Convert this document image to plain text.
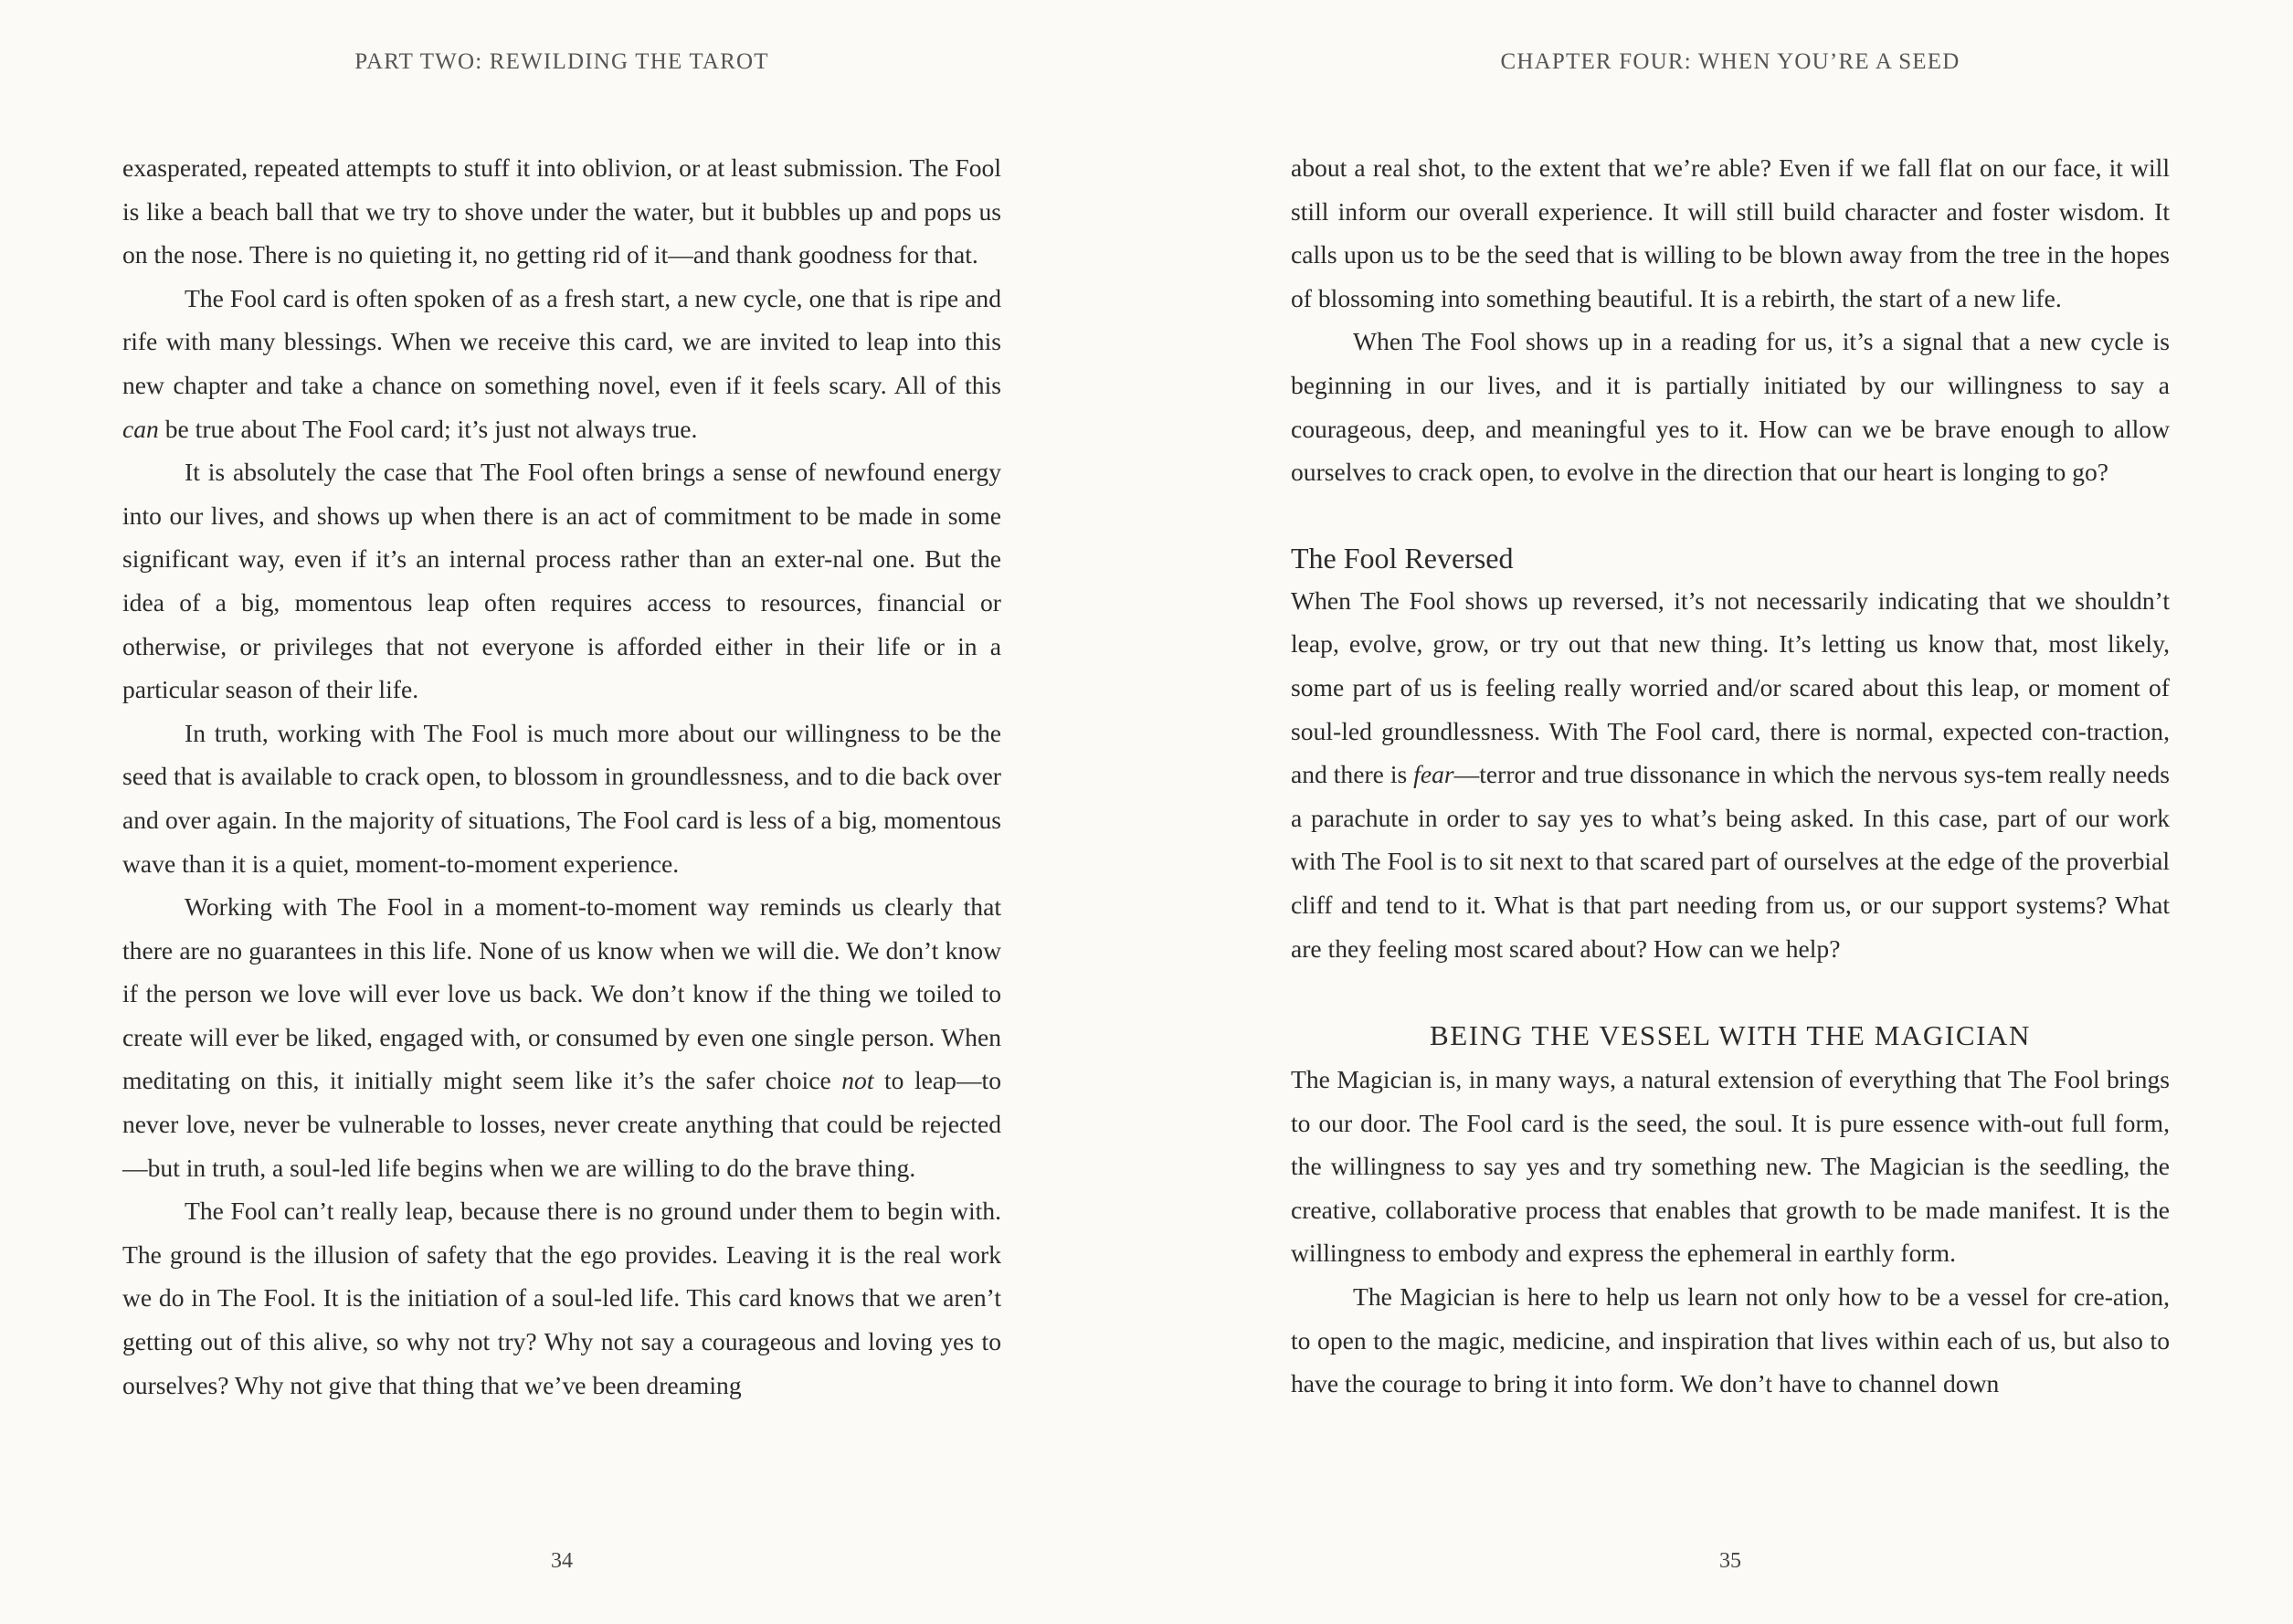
PART TWO: REWILDING THE TAROT

exasperated, repeated attempts to stuff it into oblivion, or at least submission. The Fool is like a beach ball that we try to shove under the water, but it bubbles up and pops us on the nose. There is no quieting it, no getting rid of it—and thank goodness for that.

The Fool card is often spoken of as a fresh start, a new cycle, one that is ripe and rife with many blessings. When we receive this card, we are invited to leap into this new chapter and take a chance on something novel, even if it feels scary. All of this can be true about The Fool card; it’s just not always true.

It is absolutely the case that The Fool often brings a sense of newfound energy into our lives, and shows up when there is an act of commitment to be made in some significant way, even if it’s an internal process rather than an exter-nal one. But the idea of a big, momentous leap often requires access to resources, financial or otherwise, or privileges that not everyone is afforded either in their life or in a particular season of their life.

In truth, working with The Fool is much more about our willingness to be the seed that is available to crack open, to blossom in groundlessness, and to die back over and over again. In the majority of situations, The Fool card is less of a big, momentous wave than it is a quiet, moment-to-moment experience.

Working with The Fool in a moment-to-moment way reminds us clearly that there are no guarantees in this life. None of us know when we will die. We don’t know if the person we love will ever love us back. We don’t know if the thing we toiled to create will ever be liked, engaged with, or consumed by even one single person. When meditating on this, it initially might seem like it’s the safer choice not to leap—to never love, never be vulnerable to losses, never create anything that could be rejected—but in truth, a soul-led life begins when we are willing to do the brave thing.

The Fool can’t really leap, because there is no ground under them to begin with. The ground is the illusion of safety that the ego provides. Leaving it is the real work we do in The Fool. It is the initiation of a soul-led life. This card knows that we aren’t getting out of this alive, so why not try? Why not say a courageous and loving yes to ourselves? Why not give that thing that we’ve been dreaming

34
CHAPTER FOUR: WHEN YOU’RE A SEED

about a real shot, to the extent that we’re able? Even if we fall flat on our face, it will still inform our overall experience. It will still build character and foster wisdom. It calls upon us to be the seed that is willing to be blown away from the tree in the hopes of blossoming into something beautiful. It is a rebirth, the start of a new life.

When The Fool shows up in a reading for us, it’s a signal that a new cycle is beginning in our lives, and it is partially initiated by our willingness to say a courageous, deep, and meaningful yes to it. How can we be brave enough to allow ourselves to crack open, to evolve in the direction that our heart is longing to go?

The Fool Reversed

When The Fool shows up reversed, it’s not necessarily indicating that we shouldn’t leap, evolve, grow, or try out that new thing. It’s letting us know that, most likely, some part of us is feeling really worried and/or scared about this leap, or moment of soul-led groundlessness. With The Fool card, there is normal, expected con-traction, and there is fear—terror and true dissonance in which the nervous sys-tem really needs a parachute in order to say yes to what’s being asked. In this case, part of our work with The Fool is to sit next to that scared part of ourselves at the edge of the proverbial cliff and tend to it. What is that part needing from us, or our support systems? What are they feeling most scared about? How can we help?

BEING THE VESSEL WITH THE MAGICIAN

The Magician is, in many ways, a natural extension of everything that The Fool brings to our door. The Fool card is the seed, the soul. It is pure essence with-out full form, the willingness to say yes and try something new. The Magician is the seedling, the creative, collaborative process that enables that growth to be made manifest. It is the willingness to embody and express the ephemeral in earthly form.

The Magician is here to help us learn not only how to be a vessel for cre-ation, to open to the magic, medicine, and inspiration that lives within each of us, but also to have the courage to bring it into form. We don’t have to channel down

35
